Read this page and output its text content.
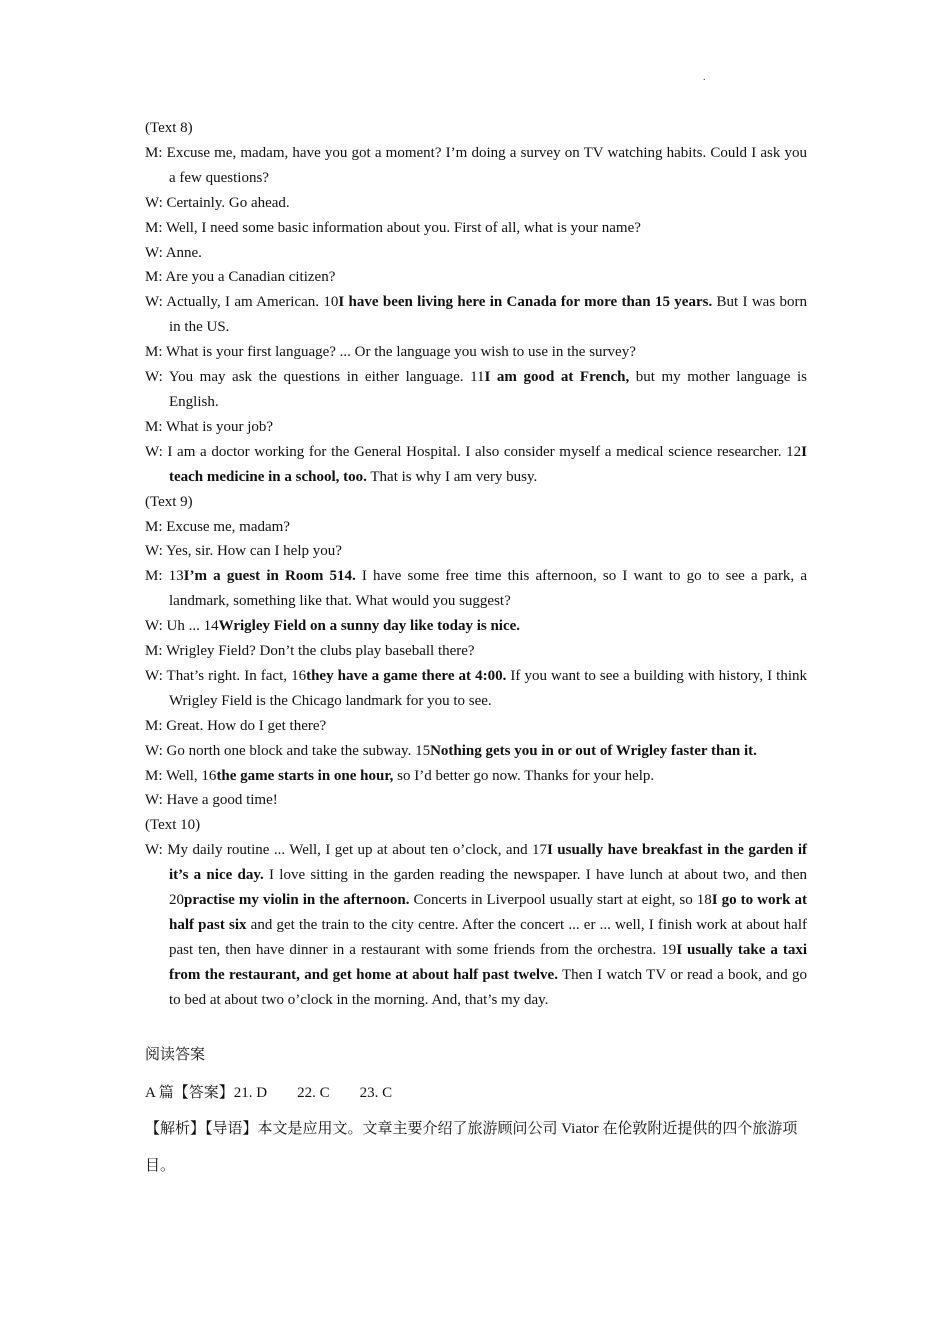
.

(Text 8)

M: Excuse me, madam, have you got a moment? I’m doing a survey on TV watching habits. Could I ask you a few questions?

W: Certainly. Go ahead.

M: Well, I need some basic information about you. First of all, what is your name?

W: Anne.

M: Are you a Canadian citizen?

W: Actually, I am American. 10I have been living here in Canada for more than 15 years. But I was born in the US.

M: What is your first language? ... Or the language you wish to use in the survey?

W: You may ask the questions in either language. 11I am good at French, but my mother language is English.

M: What is your job?

W: I am a doctor working for the General Hospital. I also consider myself a medical science researcher. 12I teach medicine in a school, too. That is why I am very busy.

(Text 9)

M: Excuse me, madam?

W: Yes, sir. How can I help you?

M: 13I’m a guest in Room 514. I have some free time this afternoon, so I want to go to see a park, a landmark, something like that. What would you suggest?

W: Uh ... 14Wrigley Field on a sunny day like today is nice.

M: Wrigley Field? Don’t the clubs play baseball there?

W: That’s right. In fact, 16they have a game there at 4:00. If you want to see a building with history, I think Wrigley Field is the Chicago landmark for you to see.

M: Great. How do I get there?

W: Go north one block and take the subway. 15Nothing gets you in or out of Wrigley faster than it.

M: Well, 16the game starts in one hour, so I’d better go now. Thanks for your help.

W: Have a good time!

(Text 10)

W: My daily routine ... Well, I get up at about ten o’clock, and 17I usually have breakfast in the garden if it’s a nice day. I love sitting in the garden reading the newspaper. I have lunch at about two, and then 20practise my violin in the afternoon. Concerts in Liverpool usually start at eight, so 18I go to work at half past six and get the train to the city centre. After the concert ... er ... well, I finish work at about half past ten, then have dinner in a restaurant with some friends from the orchestra. 19I usually take a taxi from the restaurant, and get home at about half past twelve. Then I watch TV or read a book, and go to bed at about two o’clock in the morning. And, that’s my day.

阅读答案

A 篇【答案】21. D　　22. C　　23. C

【解析】【导语】本文是应用文。文章主要介绍了旅游顾问公司 Viator 在伦敦附近提供的四个旅游项目。
